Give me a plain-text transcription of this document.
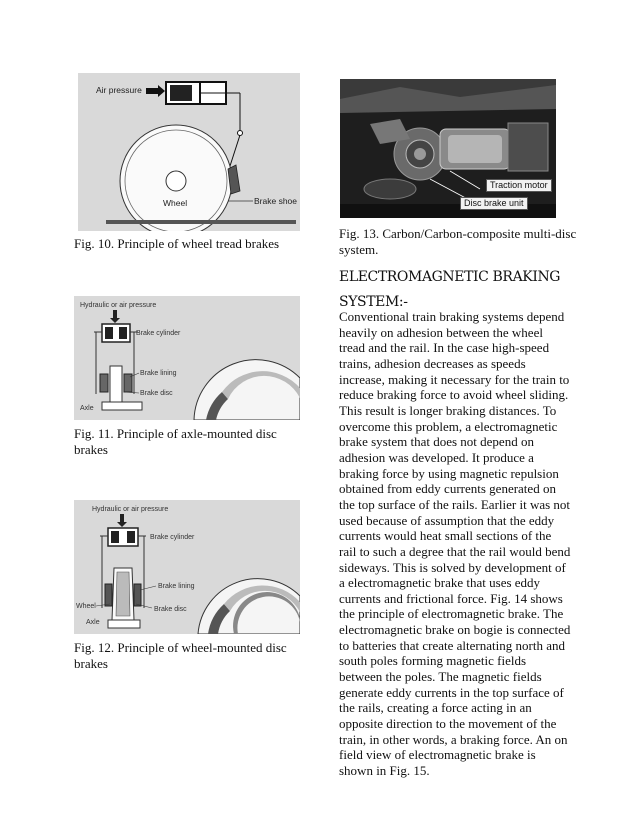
Air pressure
Wheel	Brake shoe
Fig. 10. Principle of wheel tread brakes
Hydraulic or air pressure
Brake cylinder
Brake lining
Brake disc
Axle
Fig. 11. Principle of axle-mounted disc brakes
Hydraulic or air pressure
Brake cylinder
Brake lining
Wheel	Brake disc
Axle
Fig. 12. Principle of wheel-mounted disc brakes
Traction motor
Disc brake unit
Fig. 13. Carbon/Carbon-composite multi-disc system.
ELECTROMAGNETIC BRAKING
SYSTEM:-
Conventional train braking systems depend heavily on adhesion between the wheel tread and the rail. In the case high-speed trains, adhesion decreases as speeds increase, making it necessary for the train to reduce braking force to avoid wheel sliding. This result is longer braking distances. To overcome this problem, a electromagnetic brake system that does not depend on adhesion was developed. It produce a braking force by using magnetic repulsion obtained from eddy currents generated on the top surface of the rails. Earlier it was not used because of assumption that the eddy currents would heat small sections of the rail to such a degree that the rail would bend sideways. This is solved by development of a electromagnetic brake that uses eddy currents and frictional force. Fig. 14 shows the principle of electromagnetic brake. The electromagnetic brake on bogie is connected to batteries that create alternating north and south poles forming magnetic fields between the poles. The magnetic fields generate eddy currents in the top surface of the rails, creating a force acting in an opposite direction to the movement of the train, in other words, a braking force. An on field view of electromagnetic brake is shown in Fig. 15.
